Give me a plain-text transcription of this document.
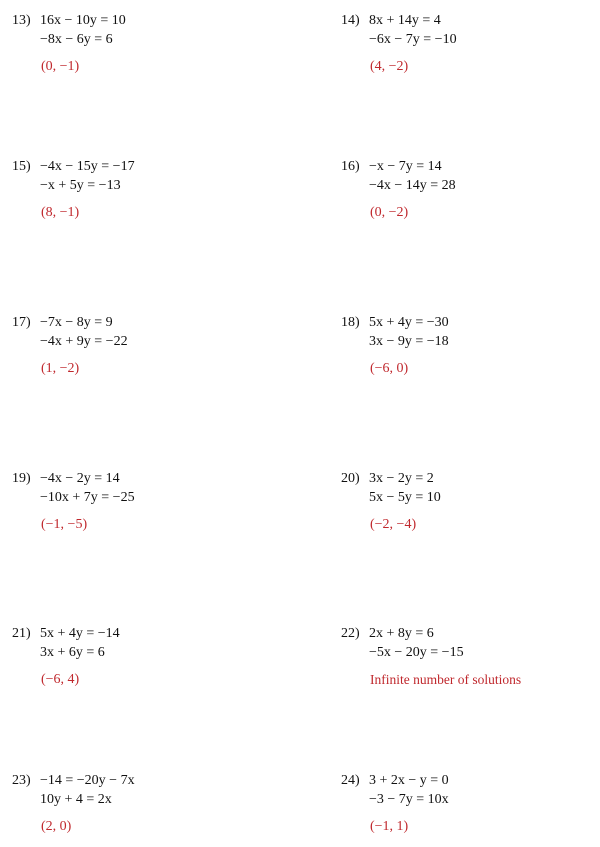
13) 16x − 10y = 10
−8x − 6y = 6
(0, −1)
14) 8x + 14y = 4
−6x − 7y = −10
(4, −2)
15) −4x − 15y = −17
−x + 5y = −13
(8, −1)
16) −x − 7y = 14
−4x − 14y = 28
(0, −2)
17) −7x − 8y = 9
−4x + 9y = −22
(1, −2)
18) 5x + 4y = −30
3x − 9y = −18
(−6, 0)
19) −4x − 2y = 14
−10x + 7y = −25
(−1, −5)
20) 3x − 2y = 2
5x − 5y = 10
(−2, −4)
21) 5x + 4y = −14
3x + 6y = 6
(−6, 4)
22) 2x + 8y = 6
−5x − 20y = −15
Infinite number of solutions
23) −14 = −20y − 7x
10y + 4 = 2x
(2, 0)
24) 3 + 2x − y = 0
−3 − 7y = 10x
(−1, 1)
